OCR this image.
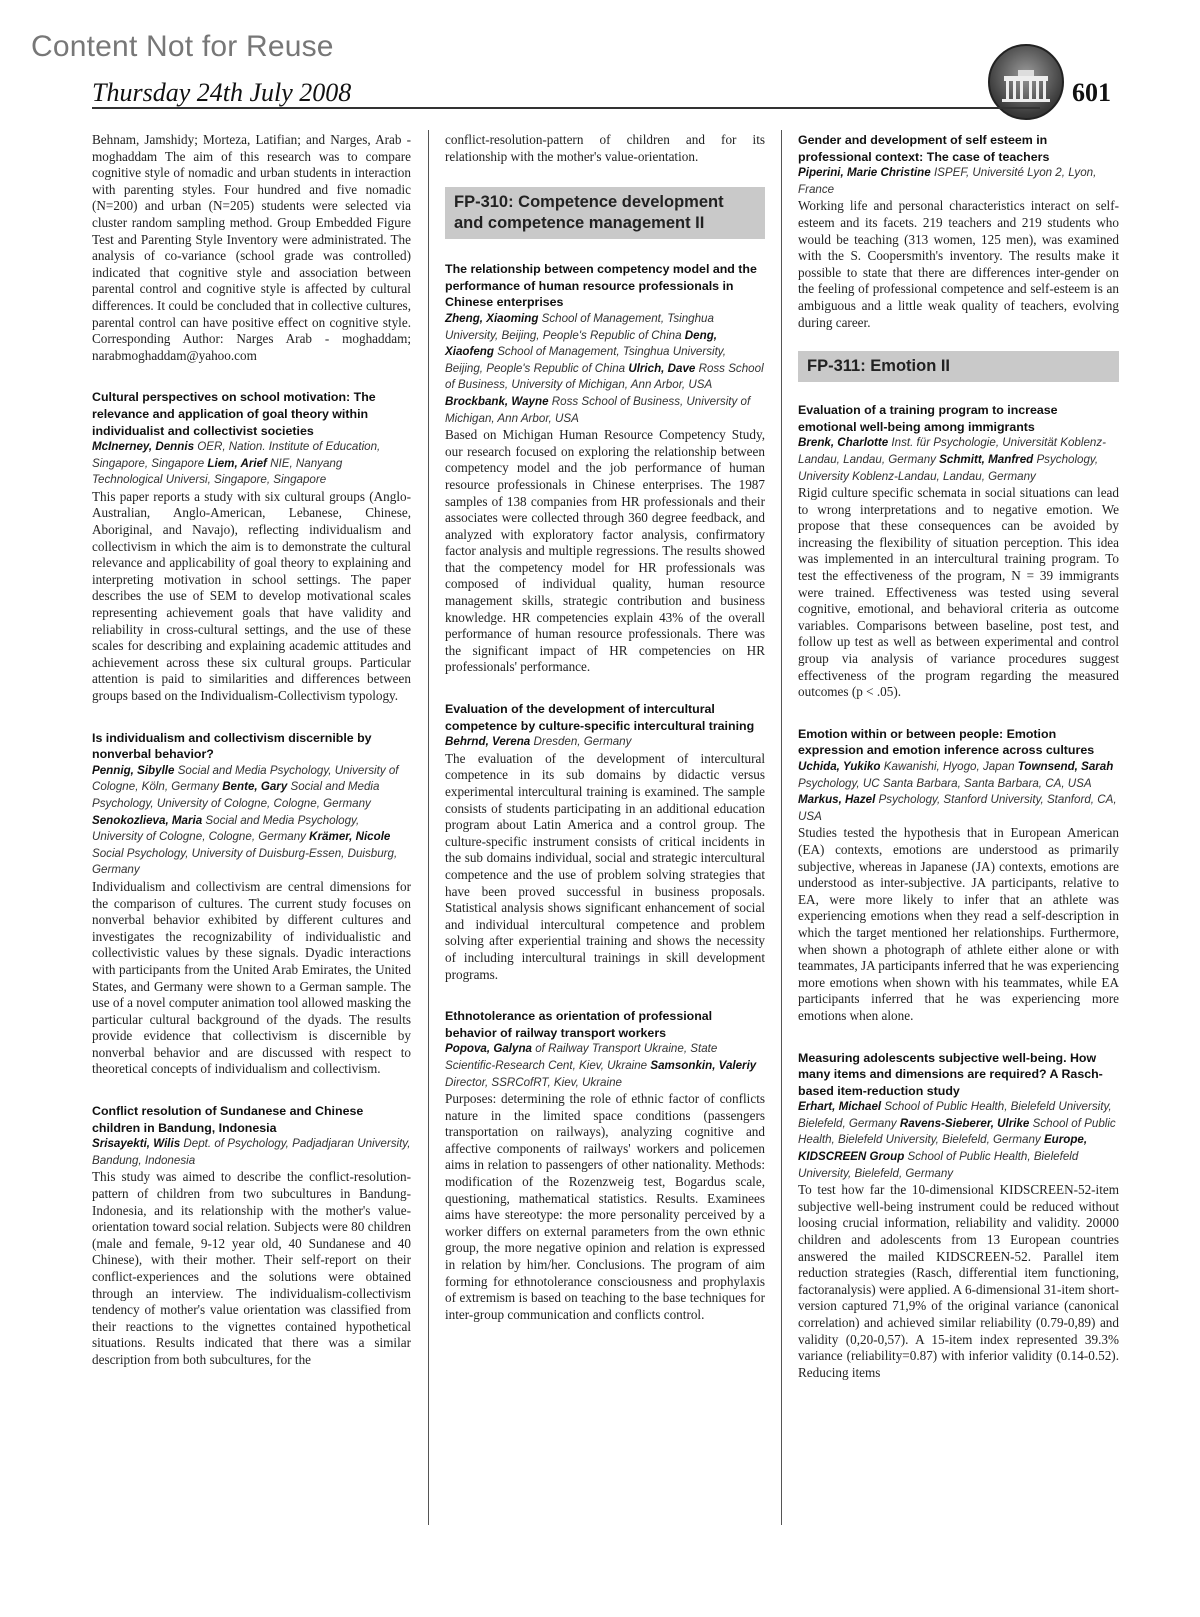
Content Not for Reuse
Thursday 24th July 2008	601

Behnam, Jamshidy; Morteza, Latifian; and Narges, Arab - moghaddam The aim of this research was to compare cognitive style of nomadic and urban students in interaction with parenting styles. Four hundred and five nomadic (N=200) and urban (N=205) students were selected via cluster random sampling method. Group Embedded Figure Test and Parenting Style Inventory were administrated. The analysis of co-variance (school grade was controlled) indicated that cognitive style and association between parental control and cognitive style is affected by cultural differences. It could be concluded that in collective cultures, parental control can have positive effect on cognitive style. Corresponding Author: Narges Arab - moghaddam; narabmoghaddam@yahoo.com

Cultural perspectives on school motivation: The relevance and application of goal theory within individualist and collectivist societies

McInerney, Dennis OER, Nation. Institute of Education, Singapore, Singapore Liem, Arief NIE, Nanyang Technological Universi, Singapore, Singapore

This paper reports a study with six cultural groups (Anglo-Australian, Anglo-American, Lebanese, Chinese, Aboriginal, and Navajo), reflecting individualism and collectivism in which the aim is to demonstrate the cultural relevance and applicability of goal theory to explaining and interpreting motivation in school settings. The paper describes the use of SEM to develop motivational scales representing achievement goals that have validity and reliability in cross-cultural settings, and the use of these scales for describing and explaining academic attitudes and achievement across these six cultural groups. Particular attention is paid to similarities and differences between groups based on the Individualism-Collectivism typology.

Is individualism and collectivism discernible by nonverbal behavior?

Pennig, Sibylle Social and Media Psychology, University of Cologne, Köln, Germany Bente, Gary Social and Media Psychology, University of Cologne, Cologne, Germany Senokozlieva, Maria Social and Media Psychology, University of Cologne, Cologne, Germany Krämer, Nicole Social Psychology, University of Duisburg-Essen, Duisburg, Germany

Individualism and collectivism are central dimensions for the comparison of cultures. The current study focuses on nonverbal behavior exhibited by different cultures and investigates the recognizability of individualistic and collectivistic values by these signals. Dyadic interactions with participants from the United Arab Emirates, the United States, and Germany were shown to a German sample. The use of a novel computer animation tool allowed masking the particular cultural background of the dyads. The results provide evidence that collectivism is discernible by nonverbal behavior and are discussed with respect to theoretical concepts of individualism and collectivism.

Conflict resolution of Sundanese and Chinese children in Bandung, Indonesia

Srisayekti, Wilis Dept. of Psychology, Padjadjaran University, Bandung, Indonesia

This study was aimed to describe the conflict-resolution-pattern of children from two subcultures in Bandung-Indonesia, and its relationship with the mother's value-orientation toward social relation. Subjects were 80 children (male and female, 9-12 year old, 40 Sundanese and 40 Chinese), with their mother. Their self-report on their conflict-experiences and the solutions were obtained through an interview. The individualism-collectivism tendency of mother's value orientation was classified from their reactions to the vignettes contained hypothetical situations. Results indicated that there was a similar description from both subcultures, for the

conflict-resolution-pattern of children and for its relationship with the mother's value-orientation.

FP-310: Competence development and competence management II

The relationship between competency model and the performance of human resource professionals in Chinese enterprises

Zheng, Xiaoming School of Management, Tsinghua University, Beijing, People's Republic of China Deng, Xiaofeng School of Management, Tsinghua University, Beijing, People's Republic of China Ulrich, Dave Ross School of Business, University of Michigan, Ann Arbor, USA Brockbank, Wayne Ross School of Business, University of Michigan, Ann Arbor, USA

Based on Michigan Human Resource Competency Study, our research focused on exploring the relationship between competency model and the job performance of human resource professionals in Chinese enterprises. The 1987 samples of 138 companies from HR professionals and their associates were collected through 360 degree feedback, and analyzed with exploratory factor analysis, confirmatory factor analysis and multiple regressions. The results showed that the competency model for HR professionals was composed of individual quality, human resource management skills, strategic contribution and business knowledge. HR competencies explain 43% of the overall performance of human resource professionals. There was the significant impact of HR competencies on HR professionals' performance.

Evaluation of the development of intercultural competence by culture-specific intercultural training

Behrnd, Verena Dresden, Germany

The evaluation of the development of intercultural competence in its sub domains by didactic versus experimental intercultural training is examined. The sample consists of students participating in an additional education program about Latin America and a control group. The culture-specific instrument consists of critical incidents in the sub domains individual, social and strategic intercultural competence and the use of problem solving strategies that have been proved successful in business proposals. Statistical analysis shows significant enhancement of social and individual intercultural competence and problem solving after experiential training and shows the necessity of including intercultural trainings in skill development programs.

Ethnotolerance as orientation of professional behavior of railway transport workers

Popova, Galyna of Railway Transport Ukraine, State Scientific-Research Cent, Kiev, Ukraine Samsonkin, Valeriy Director, SSRCofRT, Kiev, Ukraine

Purposes: determining the role of ethnic factor of conflicts nature in the limited space conditions (passengers transportation on railways), analyzing cognitive and affective components of railways' workers and policemen aims in relation to passengers of other nationality. Methods: modification of the Rozenzweig test, Bogardus scale, questioning, mathematical statistics. Results. Examinees aims have stereotype: the more personality perceived by a worker differs on external parameters from the own ethnic group, the more negative opinion and relation is expressed in relation by him/her. Conclusions. The program of aim forming for ethnotolerance consciousness and prophylaxis of extremism is based on teaching to the base techniques for inter-group communication and conflicts control.

Gender and development of self esteem in professional context: The case of teachers

Piperini, Marie Christine ISPEF, Université Lyon 2, Lyon, France

Working life and personal characteristics interact on self-esteem and its facets. 219 teachers and 219 students who would be teaching (313 women, 125 men), was examined with the S. Coopersmith's inventory. The results make it possible to state that there are differences inter-gender on the feeling of professional competence and self-esteem is an ambiguous and a little weak quality of teachers, evolving during career.

FP-311: Emotion II

Evaluation of a training program to increase emotional well-being among immigrants

Brenk, Charlotte Inst. für Psychologie, Universität Koblenz-Landau, Landau, Germany Schmitt, Manfred Psychology, University Koblenz-Landau, Landau, Germany

Rigid culture specific schemata in social situations can lead to wrong interpretations and to negative emotion. We propose that these consequences can be avoided by increasing the flexibility of situation perception. This idea was implemented in an intercultural training program. To test the effectiveness of the program, N = 39 immigrants were trained. Effectiveness was tested using several cognitive, emotional, and behavioral criteria as outcome variables. Comparisons between baseline, post test, and follow up test as well as between experimental and control group via analysis of variance procedures suggest effectiveness of the program regarding the measured outcomes (p < .05).

Emotion within or between people: Emotion expression and emotion inference across cultures

Uchida, Yukiko Kawanishi, Hyogo, Japan Townsend, Sarah Psychology, UC Santa Barbara, Santa Barbara, CA, USA Markus, Hazel Psychology, Stanford University, Stanford, CA, USA

Studies tested the hypothesis that in European American (EA) contexts, emotions are understood as primarily subjective, whereas in Japanese (JA) contexts, emotions are understood as inter-subjective. JA participants, relative to EA, were more likely to infer that an athlete was experiencing emotions when they read a self-description in which the target mentioned her relationships. Furthermore, when shown a photograph of athlete either alone or with teammates, JA participants inferred that he was experiencing more emotions when shown with his teammates, while EA participants inferred that he was experiencing more emotions when alone.

Measuring adolescents subjective well-being. How many items and dimensions are required? A Rasch-based item-reduction study

Erhart, Michael School of Public Health, Bielefeld University, Bielefeld, Germany Ravens-Sieberer, Ulrike School of Public Health, Bielefeld University, Bielefeld, Germany Europe, KIDSCREEN Group School of Public Health, Bielefeld University, Bielefeld, Germany

To test how far the 10-dimensional KIDSCREEN-52-item subjective well-being instrument could be reduced without loosing crucial information, reliability and validity. 20000 children and adolescents from 13 European countries answered the mailed KIDSCREEN-52. Parallel item reduction strategies (Rasch, differential item functioning, factoranalysis) were applied. A 6-dimensional 31-item short-version captured 71,9% of the original variance (canonical correlation) and achieved similar reliability (0.79-0,89) and validity (0,20-0,57). A 15-item index represented 39.3% variance (reliability=0.87) with inferior validity (0.14-0.52). Reducing items
